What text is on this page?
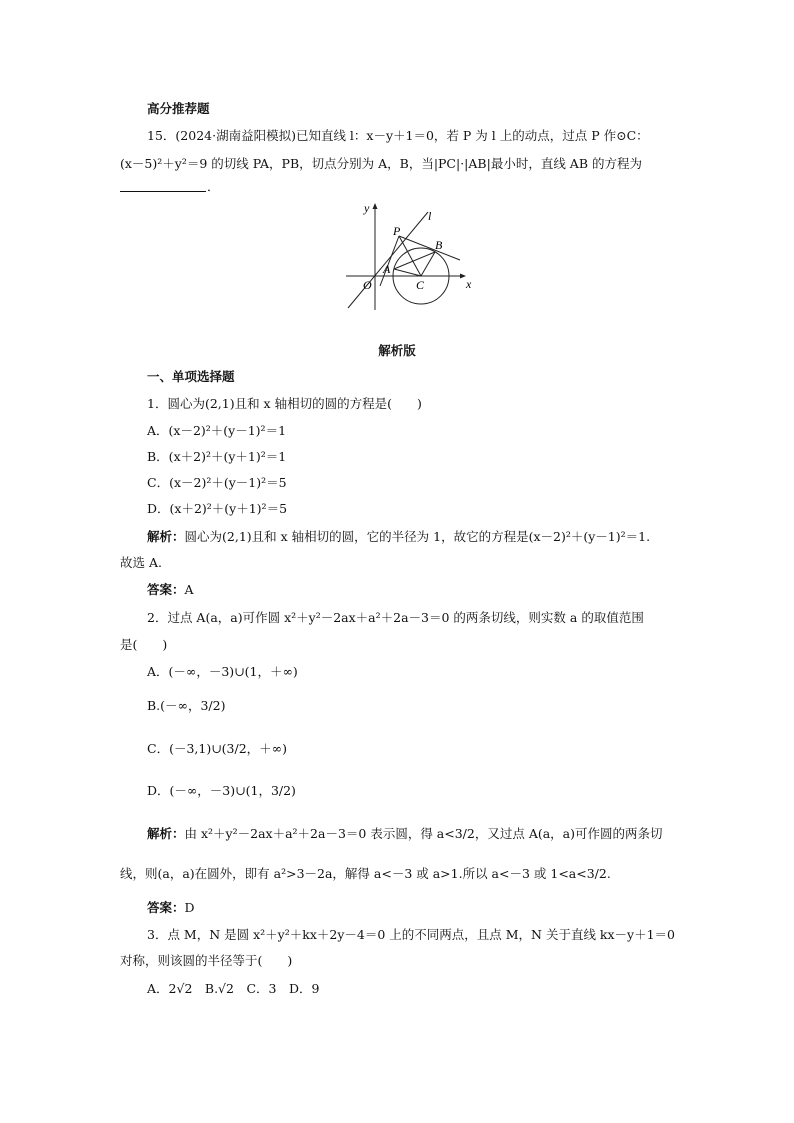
高分推荐题
15．(2024·湖南益阳模拟)已知直线 l：x－y＋1＝0，若 P 为 l 上的动点，过点 P 作⊙C：
(x－5)²＋y²＝9 的切线 PA，PB，切点分别为 A，B，当|PC|·|AB|最小时，直线 AB 的方程为
．
y
l
P
B
A
O	C	x
解析版
一、单项选择题
1．圆心为(2,1)且和 x 轴相切的圆的方程是(　　)
A．(x－2)²＋(y－1)²＝1
B．(x＋2)²＋(y＋1)²＝1
C．(x－2)²＋(y－1)²＝5
D．(x＋2)²＋(y＋1)²＝5
解析：圆心为(2,1)且和 x 轴相切的圆，它的半径为 1，故它的方程是(x－2)²＋(y－1)²＝1.
故选 A.
答案：A
2．过点 A(a，a)可作圆 x²＋y²－2ax＋a²＋2a－3＝0 的两条切线，则实数 a 的取值范围
是(　　)
A．(－∞，－3)∪(1，＋∞)
B.(－∞，3/2)
C．(－3,1)∪(3/2，＋∞)
D．(－∞，－3)∪(1，3/2)
解析：由 x²＋y²－2ax＋a²＋2a－3＝0 表示圆，得 a<3/2，又过点 A(a，a)可作圆的两条切
线，则(a，a)在圆外，即有 a²>3－2a，解得 a<－3 或 a>1.所以 a<－3 或 1<a<3/2.
答案：D
3．点 M，N 是圆 x²＋y²＋kx＋2y－4＝0 上的不同两点，且点 M，N 关于直线 kx－y＋1＝0
对称，则该圆的半径等于(　　)
A．2√2　B.√2　C．3　D．9
